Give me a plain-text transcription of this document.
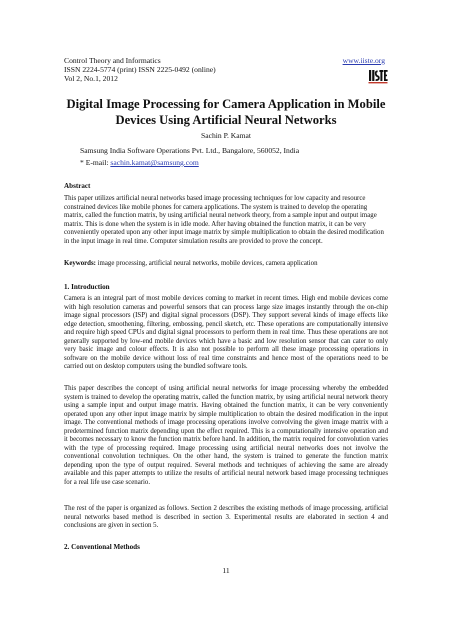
Control Theory and Informatics
ISSN 2224-5774 (print) ISSN 2225-0492 (online)
Vol 2, No.1, 2012
www.iiste.org
Digital Image Processing for Camera Application in Mobile Devices Using Artificial Neural Networks
Sachin P. Kamat
Samsung India Software Operations Pvt. Ltd., Bangalore, 560052, India
* E-mail: sachin.kamat@samsung.com
Abstract

This paper utilizes artificial neural networks based image processing techniques for low capacity and resource constrained devices like mobile phones for camera applications. The system is trained to develop the operating matrix, called the function matrix, by using artificial neural network theory, from a sample input and output image matrix. This is done when the system is in idle mode. After having obtained the function matrix, it can be very conveniently operated upon any other input image matrix by simple multiplication to obtain the desired modification in the input image in real time. Computer simulation results are provided to prove the concept.

Keywords: image processing, artificial neural networks, mobile devices, camera application
1. Introduction

Camera is an integral part of most mobile devices coming to market in recent times. High end mobile devices come with high resolution cameras and powerful sensors that can process large size images instantly through the on-chip image signal processors (ISP) and digital signal processors (DSP). They support several kinds of image effects like edge detection, smoothening, filtering, embossing, pencil sketch, etc. These operations are computationally intensive and require high speed CPUs and digital signal processors to perform them in real time. Thus these operations are not generally supported by low-end mobile devices which have a basic and low resolution sensor that can cater to only very basic image and colour effects. It is also not possible to perform all these image processing operations in software on the mobile device without loss of real time constraints and hence most of the operations need to be carried out on desktop computers using the bundled software tools.

This paper describes the concept of using artificial neural networks for image processing whereby the embedded system is trained to develop the operating matrix, called the function matrix, by using artificial neural network theory using a sample input and output image matrix. Having obtained the function matrix, it can be very conveniently operated upon any other input image matrix by simple multiplication to obtain the desired modification in the input image. The conventional methods of image processing operations involve convolving the given image matrix with a predetermined function matrix depending upon the effect required. This is a computationally intensive operation and it becomes necessary to know the function matrix before hand. In addition, the matrix required for convolution varies with the type of processing required. Image processing using artificial neural networks does not involve the conventional convolution techniques. On the other hand, the system is trained to generate the function matrix depending upon the type of output required. Several methods and techniques of achieving the same are already available and this paper attempts to utilize the results of artificial neural network based image processing techniques for a real life use case scenario.

The rest of the paper is organized as follows. Section 2 describes the existing methods of image processing, artificial neural networks based method is described in section 3. Experimental results are elaborated in section 4 and conclusions are given in section 5.

2. Conventional Methods
11
